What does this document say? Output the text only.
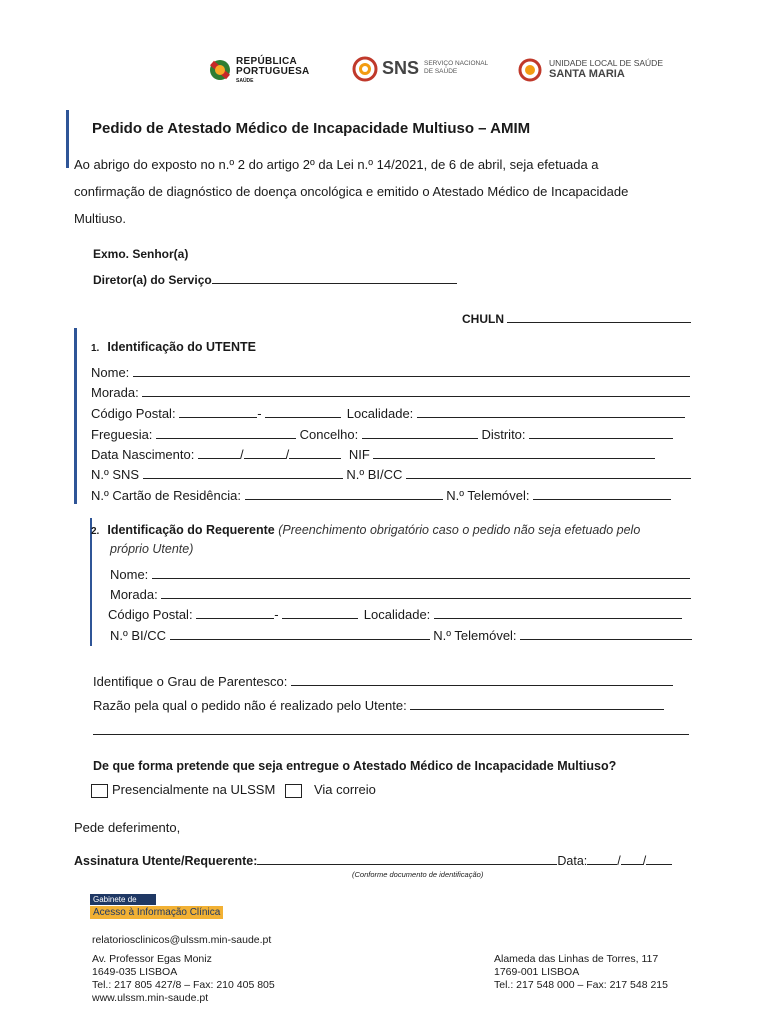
REPÚBLICA
PORTUGUESA
SAÚDE
SNS SERVIÇO NACIONAL
DE SAÚDE
UNIDADE LOCAL DE SAÚDE
SANTA MARIA
Pedido de Atestado Médico de Incapacidade Multiuso – AMIM
Ao abrigo do exposto no n.º 2 do artigo 2º da Lei n.º 14/2021, de 6 de abril, seja efetuada a
confirmação de diagnóstico de doença oncológica e emitido o Atestado Médico de Incapacidade
Multiuso.
Exmo. Senhor(a)
Diretor(a) do Serviço
CHULN
1. Identificação do UTENTE
Nome:
Morada:
Código Postal:	-	Localidade:
Freguesia:	Concelho:	Distrito:
Data Nascimento:	/	/	NIF
N.º SNS	N.º BI/CC
N.º Cartão de Residência:	N.º Telemóvel:
2. Identificação do Requerente (Preenchimento obrigatório caso o pedido não seja efetuado pelo
próprio Utente)
Nome:
Morada:
Código Postal:	-	Localidade:
N.º BI/CC	N.º Telemóvel:
Identifique o Grau de Parentesco:
Razão pela qual o pedido não é realizado pelo Utente:
De que forma pretende que seja entregue o Atestado Médico de Incapacidade Multiuso?
Presencialmente na ULSSM	Via correio
Pede deferimento,
Assinatura Utente/Requerente:	Data: / /
(Conforme documento de identificação)
Gabinete de
Acesso à Informação Clínica
relatoriosclinicos@ulssm.min-saude.pt
Av. Professor Egas Moniz
1649-035 LISBOA
Tel.: 217 805 427/8 – Fax: 210 405 805
www.ulssm.min-saude.pt
Alameda das Linhas de Torres, 117
1769-001 LISBOA
Tel.: 217 548 000 – Fax: 217 548 215
